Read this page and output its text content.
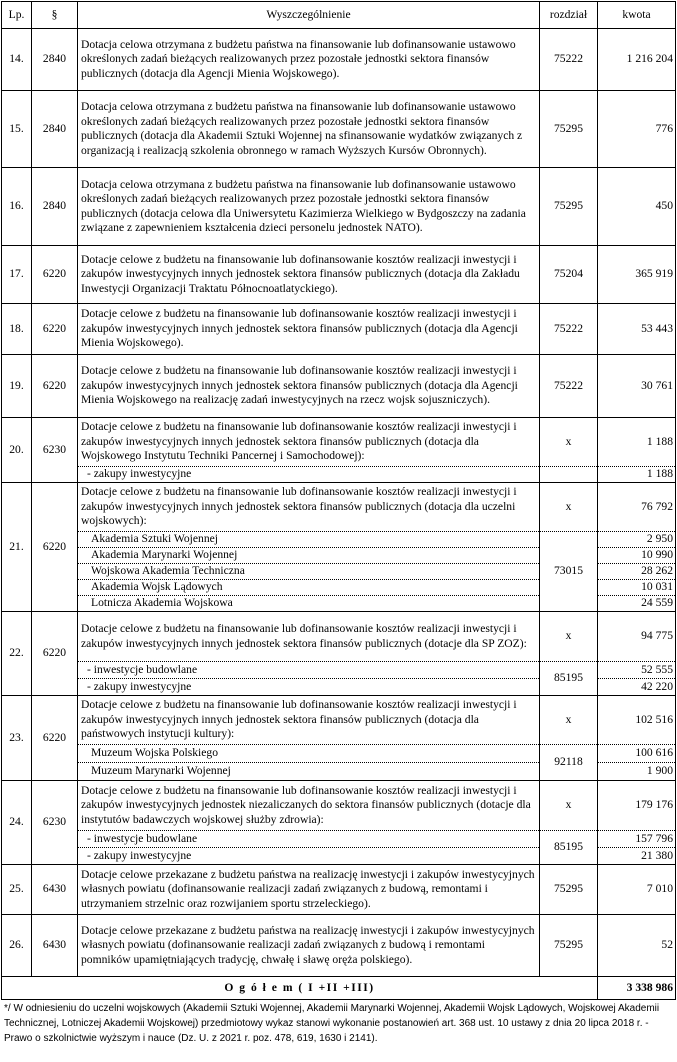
Lp.	§	Wyszczególnienie	rozdział	kwota
14.	2840	Dotacja celowa otrzymana z budżetu państwa na finansowanie lub dofinansowanie ustawowo określonych zadań bieżących realizowanych przez pozostałe jednostki sektora finansów publicznych (dotacja dla Agencji Mienia Wojskowego).	75222	1 216 204
15.	2840	Dotacja celowa otrzymana z budżetu państwa na finansowanie lub dofinansowanie ustawowo określonych zadań bieżących realizowanych przez pozostałe jednostki sektora finansów publicznych (dotacja dla Akademii Sztuki Wojennej na sfinansowanie wydatków związanych z organizacją i realizacją szkolenia obronnego w ramach Wyższych Kursów Obronnych).	75295	776
16.	2840	Dotacja celowa otrzymana z budżetu państwa na finansowanie lub dofinansowanie ustawowo określonych zadań bieżących realizowanych przez pozostałe jednostki sektora finansów publicznych (dotacja celowa dla Uniwersytetu Kazimierza Wielkiego w Bydgoszczy na zadania związane z zapewnieniem kształcenia dzieci personelu jednostek NATO).	75295	450
17.	6220	Dotacje celowe z budżetu na finansowanie lub dofinansowanie kosztów realizacji inwestycji i zakupów inwestycyjnych innych jednostek sektora finansów publicznych (dotacja dla Zakładu Inwestycji Organizacji Traktatu Północnoatlatyckiego).	75204	365 919
18.	6220	Dotacje celowe z budżetu na finansowanie lub dofinansowanie kosztów realizacji inwestycji i zakupów inwestycyjnych innych jednostek sektora finansów publicznych (dotacja dla Agencji Mienia Wojskowego).	75222	53 443
19.	6220	Dotacje celowe z budżetu na finansowanie lub dofinansowanie kosztów realizacji inwestycji i zakupów inwestycyjnych innych jednostek sektora finansów publicznych (dotacja dla Agencji Mienia Wojskowego na realizację zadań inwestycyjnych na rzecz wojsk sojuszniczych).	75222	30 761
20.	6230	Dotacje celowe z budżetu na finansowanie lub dofinansowanie kosztów realizacji inwestycji i zakupów inwestycyjnych innych jednostek sektora finansów publicznych (dotacja dla Wojskowego Instytutu Techniki Pancernej i Samochodowej):	x	1 188
		- zakupy inwestycyjne		1 188
21.	6220	Dotacje celowe z budżetu na finansowanie lub dofinansowanie kosztów realizacji inwestycji i zakupów inwestycyjnych innych jednostek sektora finansów publicznych (dotacja dla uczelni wojskowych):	x	76 792
		Akademia Sztuki Wojennej	73015	2 950
		Akademia Marynarki Wojennej		10 990
		Wojskowa Akademia Techniczna		28 262
		Akademia Wojsk Lądowych		10 031
		Lotnicza Akademia Wojskowa		24 559
22.	6220	Dotacje celowe z budżetu na finansowanie lub dofinansowanie kosztów realizacji inwestycji i zakupów inwestycyjnych innych jednostek sektora finansów publicznych (dotacje dla SP ZOZ):	x	94 775
		- inwestycje budowlane	85195	52 555
		- zakupy inwestycyjne		42 220
23.	6220	Dotacje celowe z budżetu na finansowanie lub dofinansowanie kosztów realizacji inwestycji i zakupów inwestycyjnych innych jednostek sektora finansów publicznych (dotacja dla państwowych instytucji kultury):	x	102 516
		Muzeum Wojska Polskiego	92118	100 616
		Muzeum Marynarki Wojennej		1 900
24.	6230	Dotacje celowe z budżetu na finansowanie lub dofinansowanie kosztów realizacji inwestycji i zakupów inwestycyjnych jednostek niezaliczanych do sektora finansów publicznych (dotacje dla instytutów badawczych wojskowej służby zdrowia):	x	179 176
		- inwestycje budowlane	85195	157 796
		- zakupy inwestycyjne		21 380
25.	6430	Dotacje celowe przekazane z budżetu państwa na realizację inwestycji i zakupów inwestycyjnych własnych powiatu (dofinansowanie realizacji zadań związanych z budową, remontami i utrzymaniem strzelnic oraz rozwijaniem sportu strzeleckiego).	75295	7 010
26.	6430	Dotacje celowe przekazane z budżetu państwa na realizację inwestycji i zakupów inwestycyjnych własnych powiatu (dofinansowanie realizacji zadań związanych z budową i remontami pomników upamiętniających tradycję, chwałę i sławę oręża polskiego).	75295	52
O g ó ł e m ( I +II +III)				3 338 986
*/ W odniesieniu do uczelni wojskowych (Akademii Sztuki Wojennej, Akademii Marynarki Wojennej, Akademii Wojsk Lądowych, Wojskowej Akademii Technicznej, Lotniczej Akademii Wojskowej) przedmiotowy wykaz stanowi wykonanie postanowień art. 368 ust. 10 ustawy z dnia 20 lipca 2018 r. - Prawo o szkolnictwie wyższym i nauce (Dz. U. z 2021 r. poz. 478, 619, 1630 i 2141).
